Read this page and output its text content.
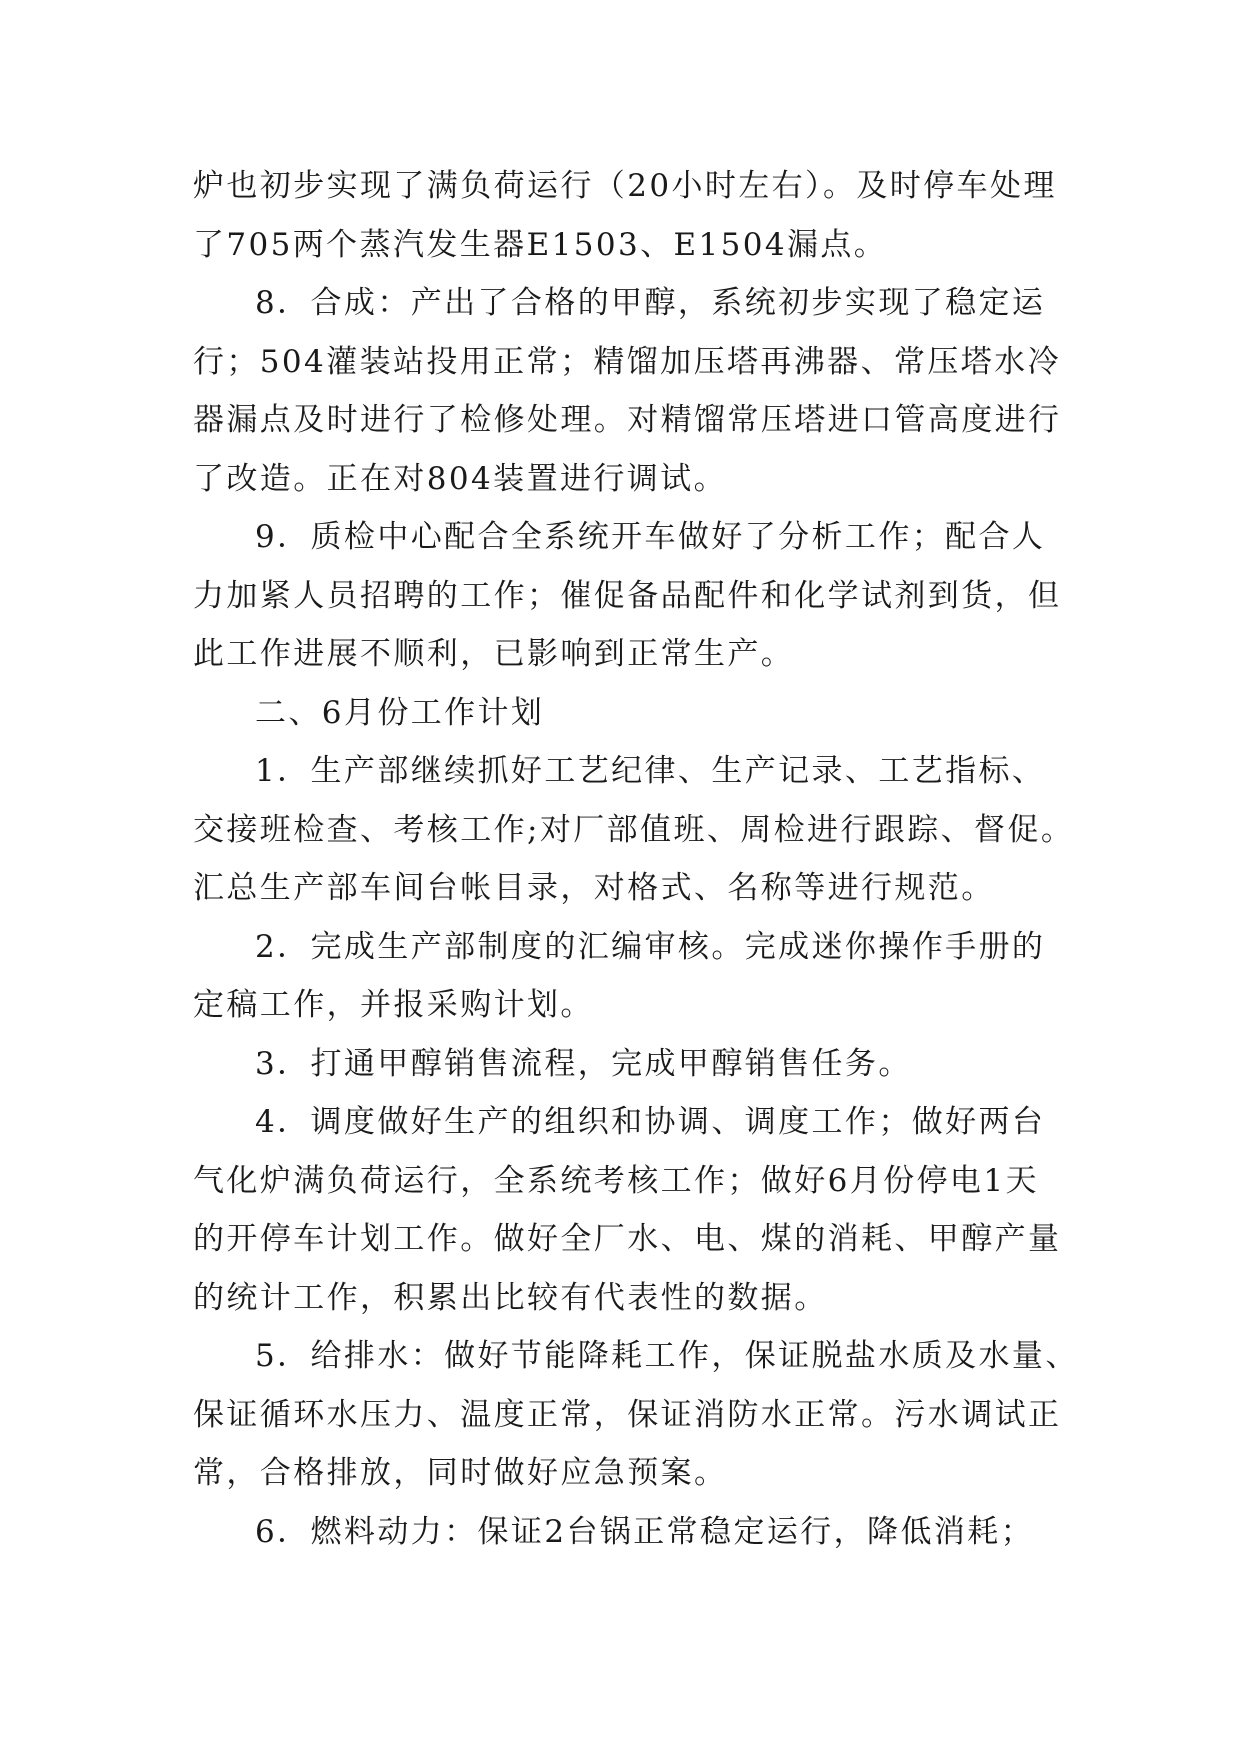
炉也初步实现了满负荷运行（20小时左右）。及时停车处理
了705两个蒸汽发生器E1503、E1504漏点。
8．合成：产出了合格的甲醇，系统初步实现了稳定运
行；504灌装站投用正常；精馏加压塔再沸器、常压塔水冷
器漏点及时进行了检修处理。对精馏常压塔进口管高度进行
了改造。正在对804装置进行调试。
9．质检中心配合全系统开车做好了分析工作；配合人
力加紧人员招聘的工作；催促备品配件和化学试剂到货，但
此工作进展不顺利，已影响到正常生产。
二、6月份工作计划
1．生产部继续抓好工艺纪律、生产记录、工艺指标、
交接班检查、考核工作;对厂部值班、周检进行跟踪、督促。
汇总生产部车间台帐目录，对格式、名称等进行规范。
2．完成生产部制度的汇编审核。完成迷你操作手册的
定稿工作，并报采购计划。
3．打通甲醇销售流程，完成甲醇销售任务。
4．调度做好生产的组织和协调、调度工作；做好两台
气化炉满负荷运行，全系统考核工作；做好6月份停电1天
的开停车计划工作。做好全厂水、电、煤的消耗、甲醇产量
的统计工作，积累出比较有代表性的数据。
5．给排水：做好节能降耗工作，保证脱盐水质及水量、
保证循环水压力、温度正常，保证消防水正常。污水调试正
常，合格排放，同时做好应急预案。
6．燃料动力：保证2台锅正常稳定运行，降低消耗；
